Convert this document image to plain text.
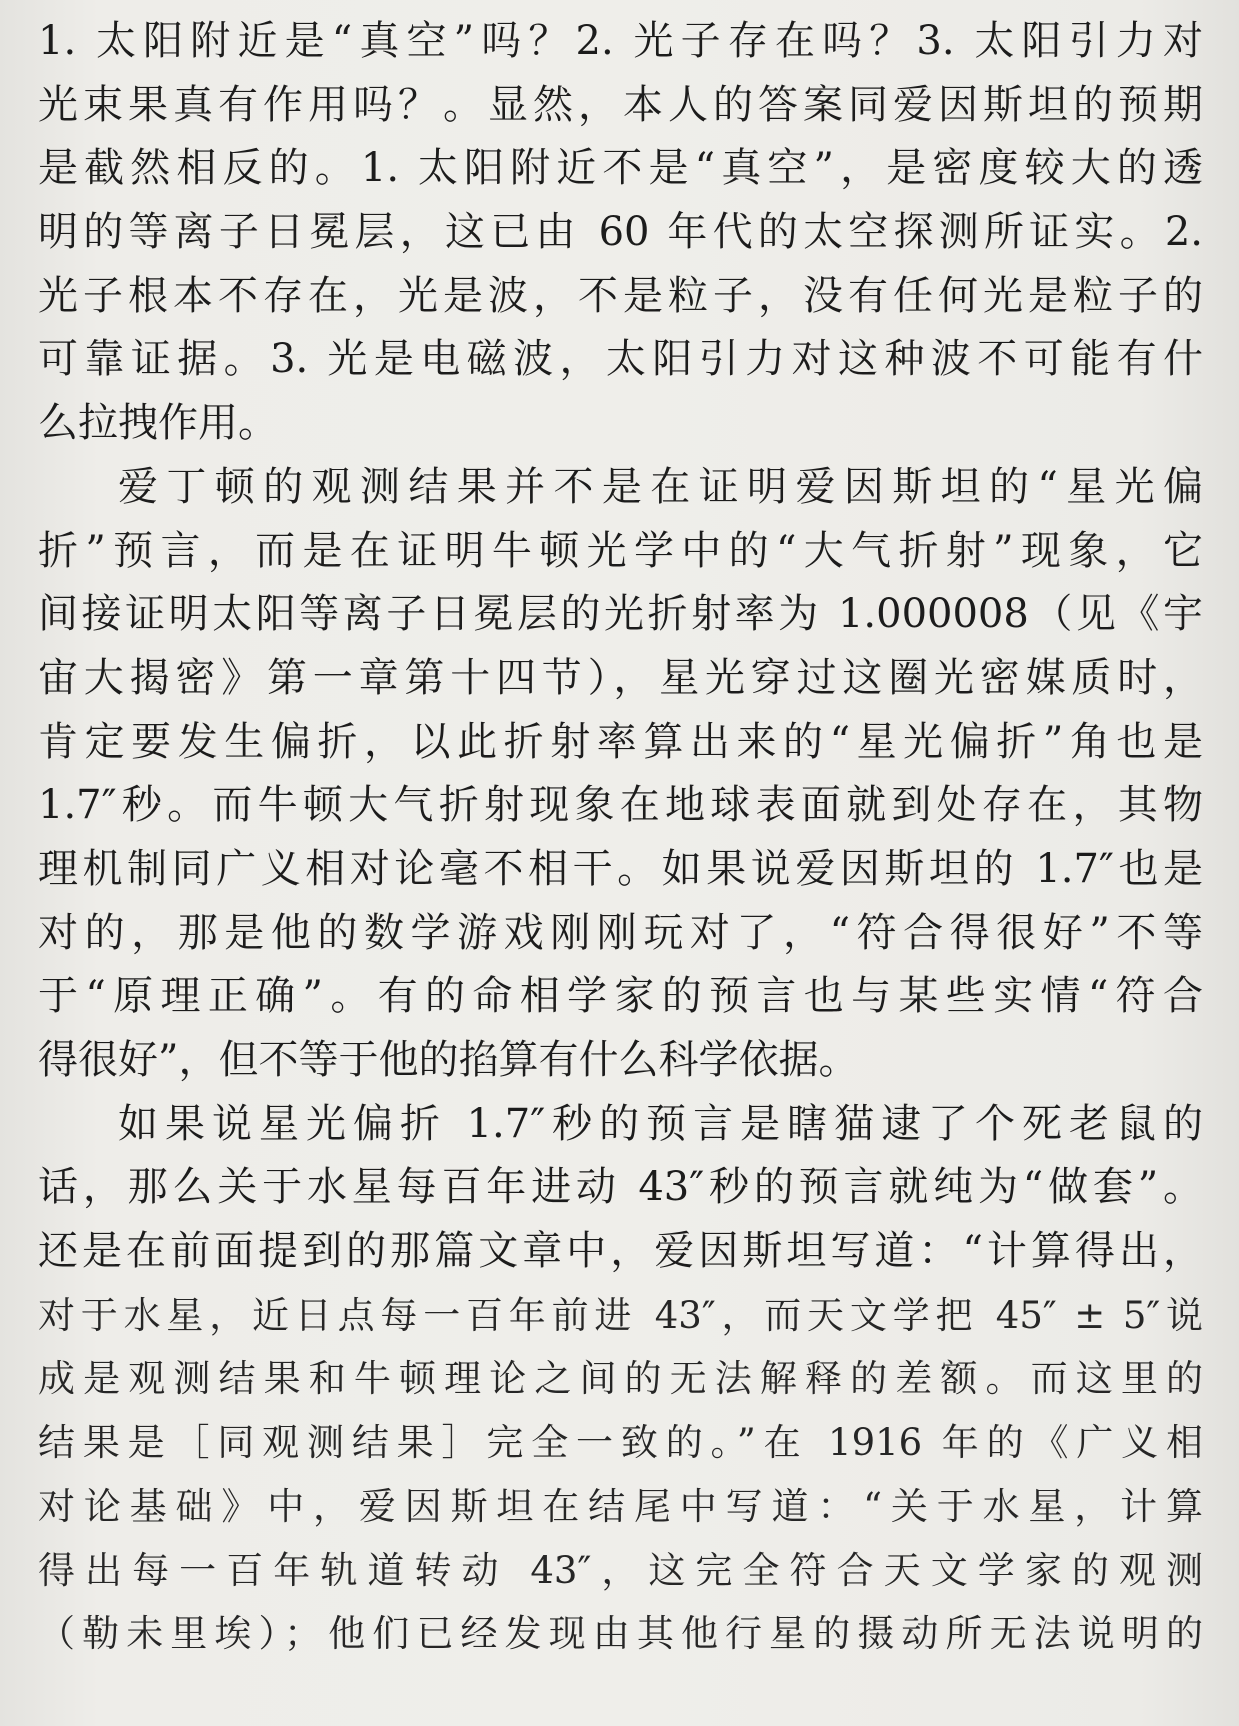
1. 太阳附近是“真空”吗？2. 光子存在吗？3. 太阳引力对
光束果真有作用吗？。显然，本人的答案同爱因斯坦的预期
是截然相反的。1. 太阳附近不是“真空”，是密度较大的透
明的等离子日冕层，这已由 60 年代的太空探测所证实。2.
光子根本不存在，光是波，不是粒子，没有任何光是粒子的
可靠证据。3. 光是电磁波，太阳引力对这种波不可能有什
么拉拽作用。
爱丁顿的观测结果并不是在证明爱因斯坦的“星光偏
折”预言，而是在证明牛顿光学中的“大气折射”现象，它
间接证明太阳等离子日冕层的光折射率为 1.000008（见《宇
宙大揭密》第一章第十四节），星光穿过这圈光密媒质时，
肯定要发生偏折，以此折射率算出来的“星光偏折”角也是
1.7″秒。而牛顿大气折射现象在地球表面就到处存在，其物
理机制同广义相对论毫不相干。如果说爱因斯坦的 1.7″也是
对的，那是他的数学游戏刚刚玩对了，“符合得很好”不等
于“原理正确”。有的命相学家的预言也与某些实情“符合
得很好”，但不等于他的掐算有什么科学依据。
如果说星光偏折 1.7″秒的预言是瞎猫逮了个死老鼠的
话，那么关于水星每百年进动 43″秒的预言就纯为“做套”。
还是在前面提到的那篇文章中，爱因斯坦写道：“计算得出，
对于水星，近日点每一百年前进 43″，而天文学把 45″ ± 5″说
成是观测结果和牛顿理论之间的无法解释的差额。而这里的
结果是［同观测结果］完全一致的。”在 1916 年的《广义相
对论基础》中，爱因斯坦在结尾中写道：“关于水星，计算
得出每一百年轨道转动 43″，这完全符合天文学家的观测
（勒未里埃）；他们已经发现由其他行星的摄动所无法说明的
